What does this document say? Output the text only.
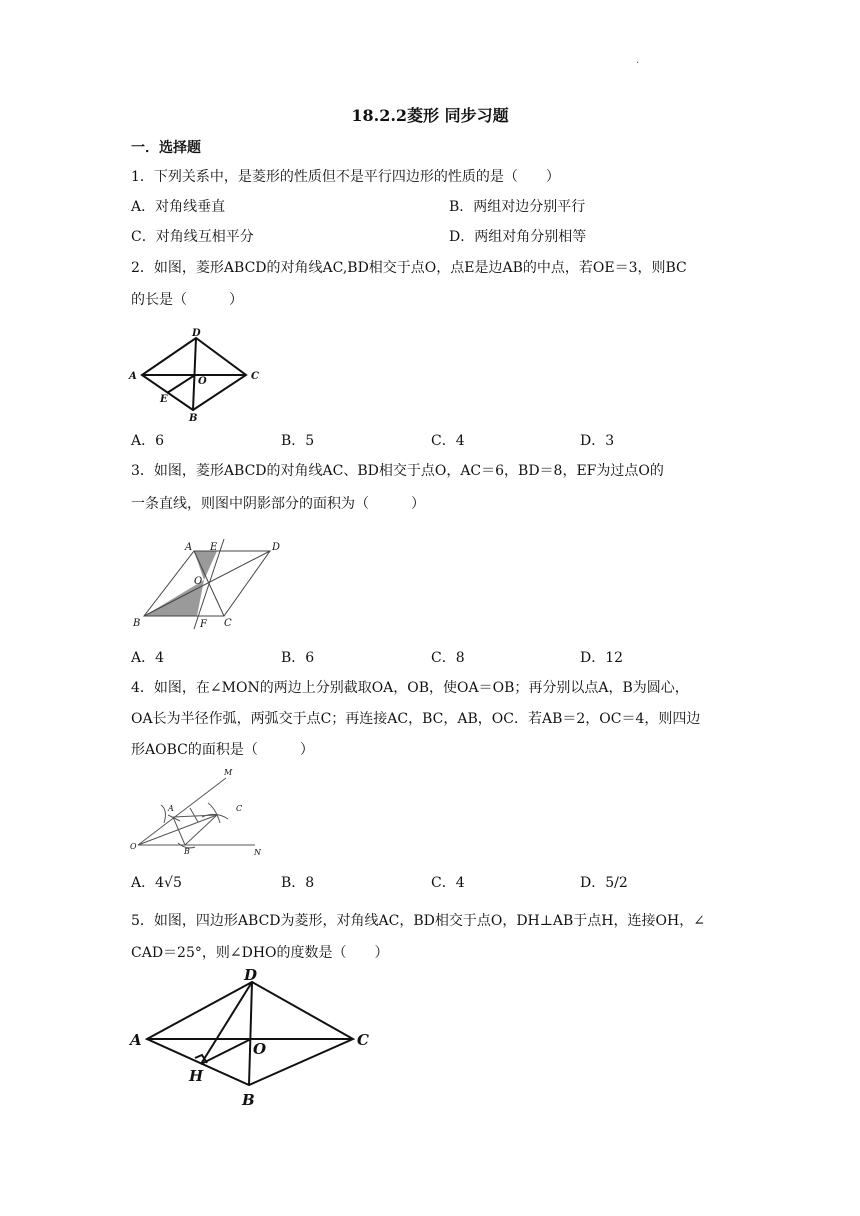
·
18.2.2菱形 同步习题
一．选择题
1．下列关系中，是菱形的性质但不是平行四边形的性质的是（　　）
A．对角线垂直	B．两组对边分别平行
C．对角线互相平分	D．两组对角分别相等
2．如图，菱形ABCD的对角线AC,BD相交于点O，点E是边AB的中点，若OE＝3，则BC
的长是（　　　）
A
B
C
D
O
E
A．6	B．5	C．4	D．3
3．如图，菱形ABCD的对角线AC、BD相交于点O，AC＝6，BD＝8，EF为过点O的
一条直线，则图中阴影部分的面积为（　　　）
A E	D
O
B	F C
A．4	B．6	C．8	D．12
4．如图，在∠MON的两边上分别截取OA，OB，使OA＝OB；再分别以点A，B为圆心，
OA长为半径作弧，两弧交于点C；再连接AC，BC，AB，OC．若AB＝2，OC＝4，则四边
形AOBC的面积是（　　　）
M
A	C
O
B	N
A．4√5	B．8	C．4	D．5/2
5．如图，四边形ABCD为菱形，对角线AC，BD相交于点O，DH⊥AB于点H，连接OH，∠
CAD＝25°，则∠DHO的度数是（　　）
D
A	O	C
H
B
